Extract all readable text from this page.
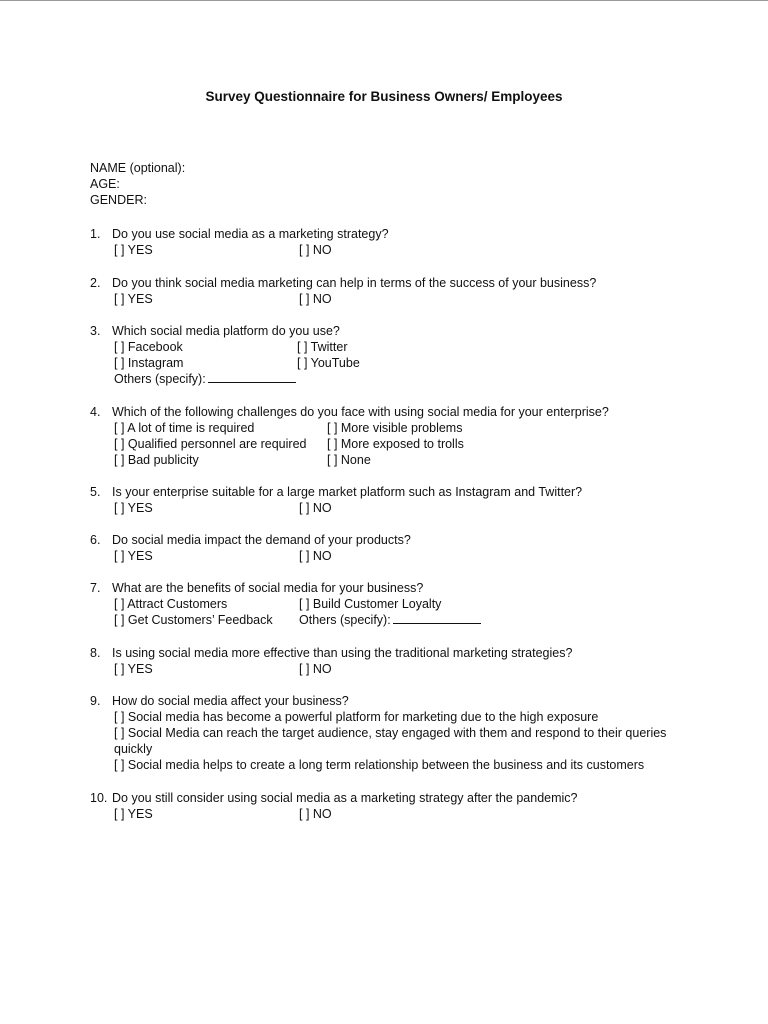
Survey Questionnaire for Business Owners/ Employees
NAME (optional):
AGE:
GENDER:
1. Do you use social media as a marketing strategy?
[ ] YES	[ ] NO
2. Do you think social media marketing can help in terms of the success of your business?
[ ] YES	[ ] NO
3. Which social media platform do you use?
[ ] Facebook	[ ] Twitter
[ ] Instagram	[ ] YouTube
Others (specify):
4. Which of the following challenges do you face with using social media for your enterprise?
[ ] A lot of time is required	[ ] More visible problems
[ ] Qualified personnel are required [ ] More exposed to trolls
[ ] Bad publicity	[ ] None
5. Is your enterprise suitable for a large market platform such as Instagram and Twitter?
[ ] YES	[ ] NO
6. Do social media impact the demand of your products?
[ ] YES	[ ] NO
7. What are the benefits of social media for your business?
[ ] Attract Customers	[ ] Build Customer Loyalty
[ ] Get Customers’ Feedback Others (specify):
8. Is using social media more effective than using the traditional marketing strategies?
[ ] YES	[ ] NO
9. How do social media affect your business?
[ ] Social media has become a powerful platform for marketing due to the high exposure
[ ] Social Media can reach the target audience, stay engaged with them and respond to their queries
quickly
[ ] Social media helps to create a long term relationship between the business and its customers
10. Do you still consider using social media as a marketing strategy after the pandemic?
[ ] YES	[ ] NO
